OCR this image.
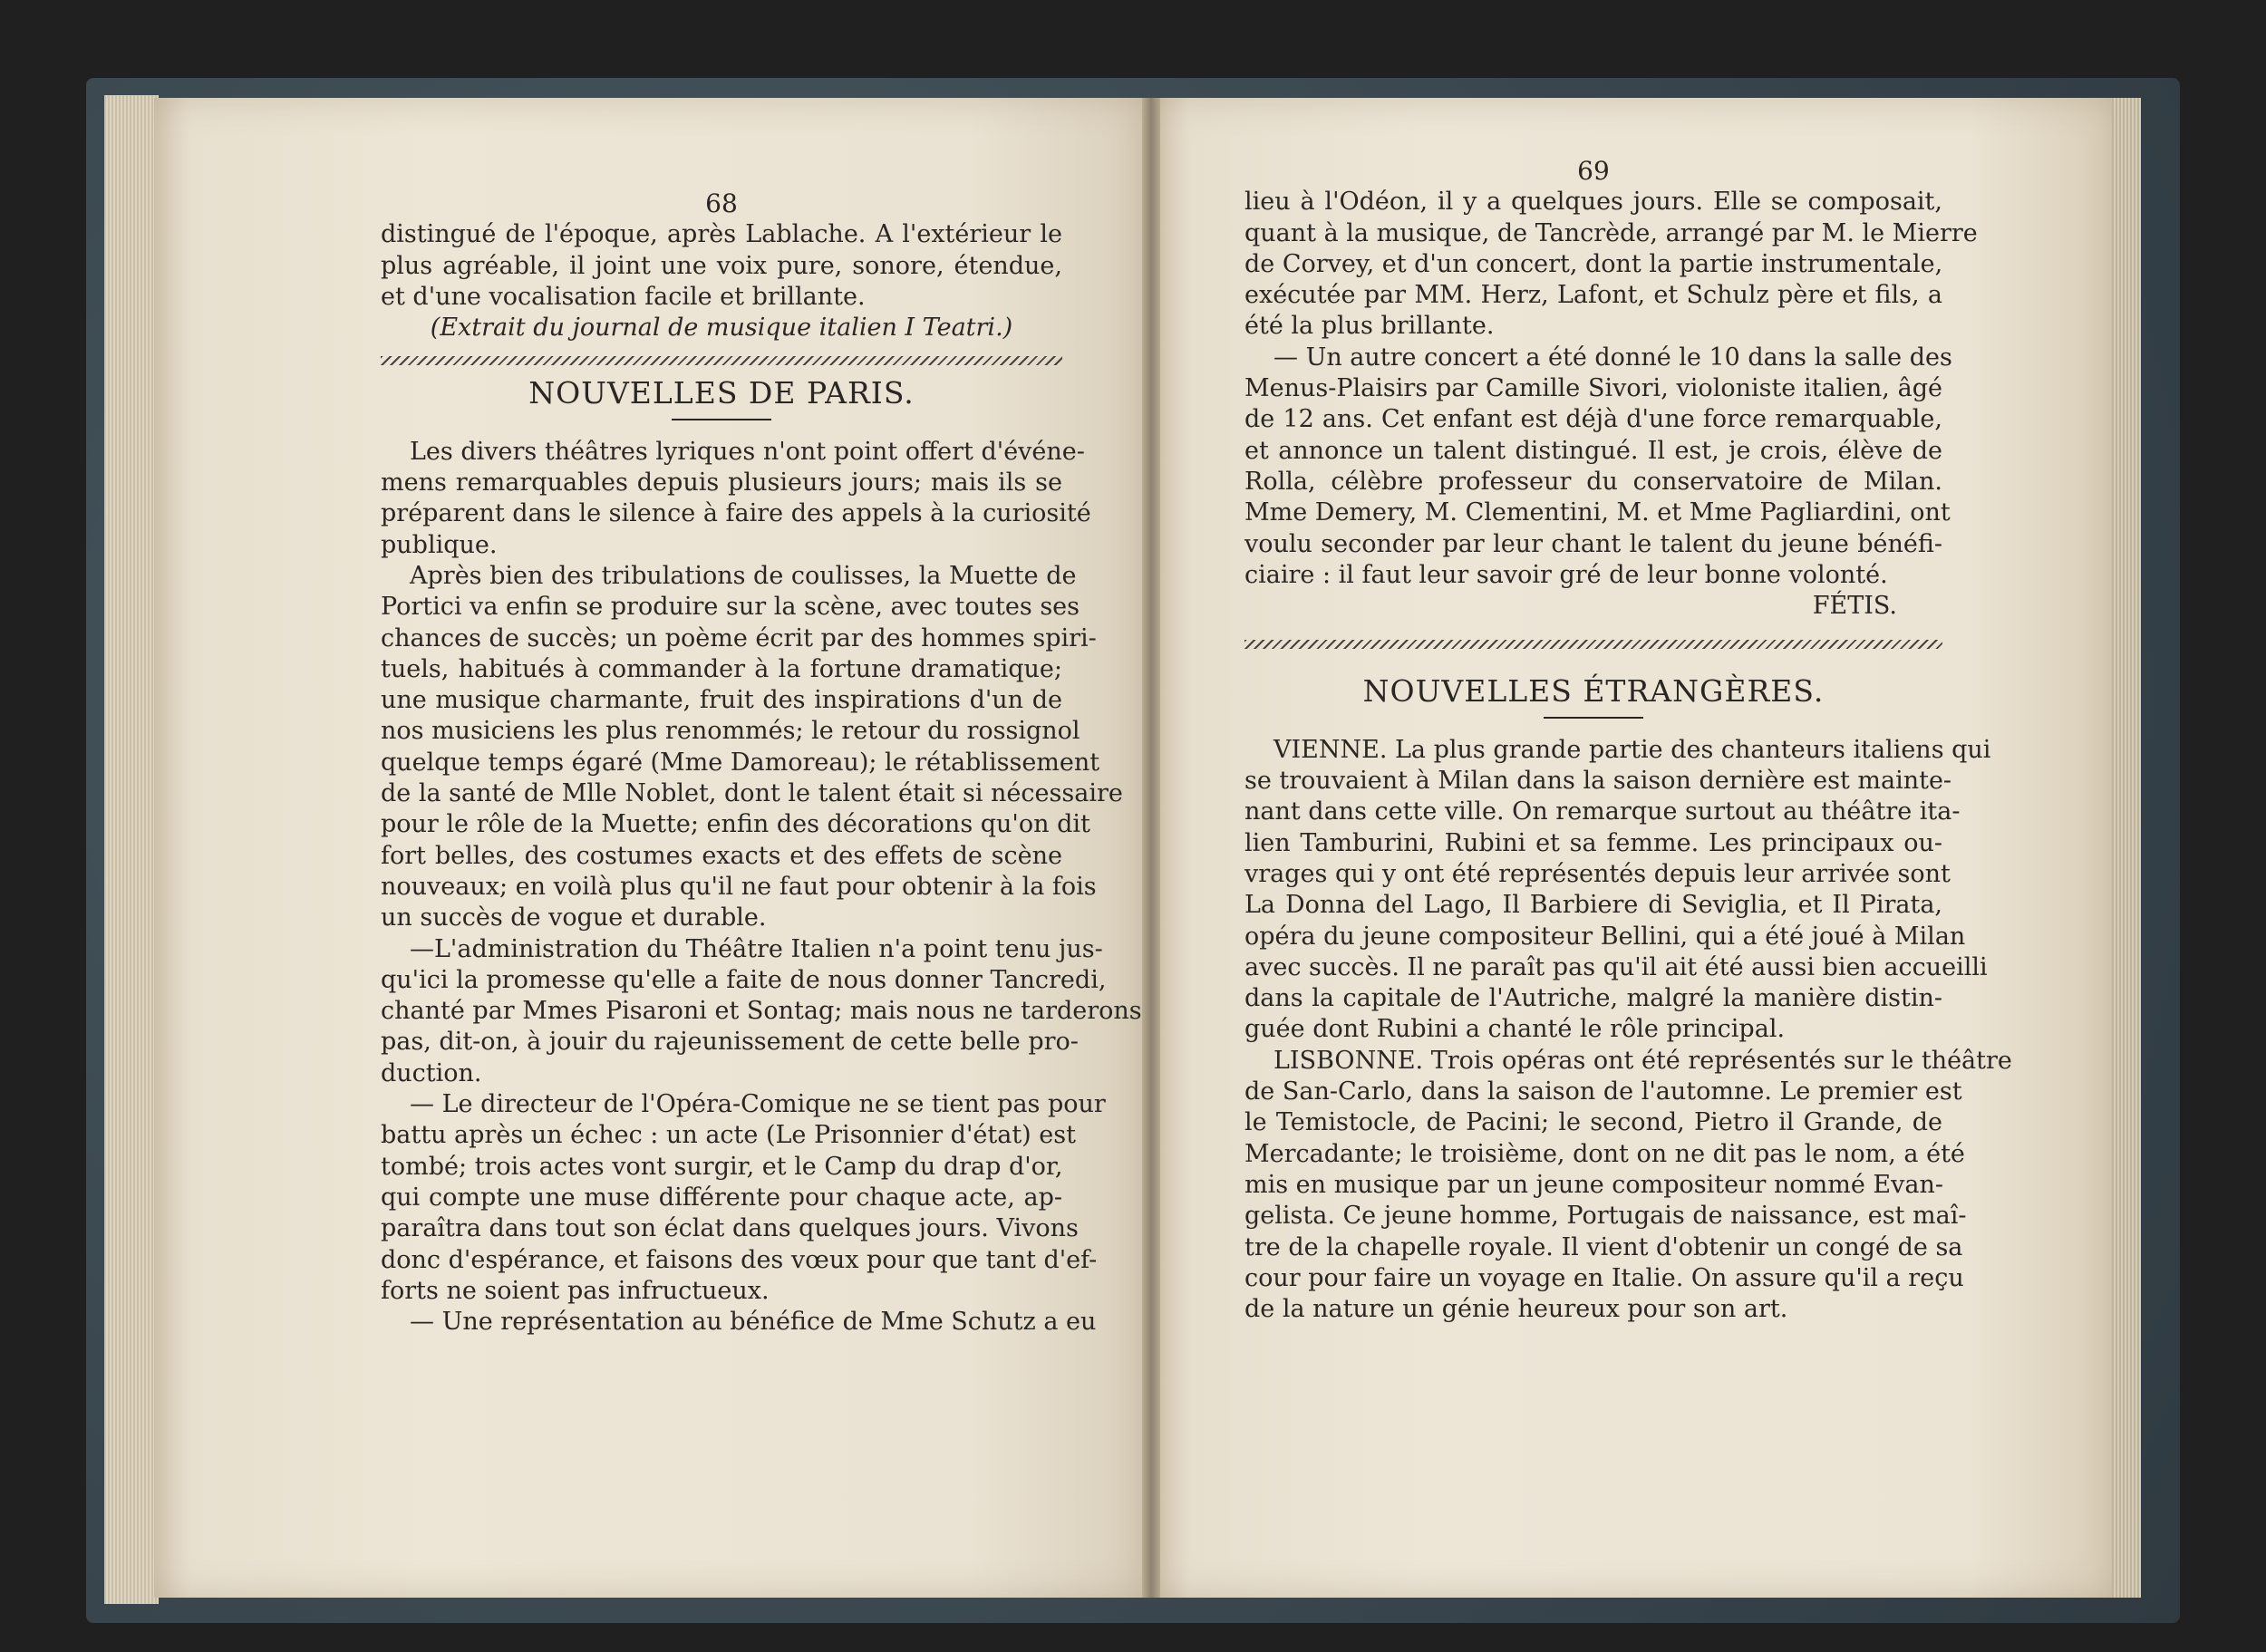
68
distingué de l'époque, après Lablache. A l'extérieur le
plus agréable, il joint une voix pure, sonore, étendue,
et d'une vocalisation facile et brillante.
(Extrait du journal de musique italien I Teatri.)
NOUVELLES DE PARIS.
Les divers théâtres lyriques n'ont point offert d'événe-
mens remarquables depuis plusieurs jours; mais ils se
préparent dans le silence à faire des appels à la curiosité
publique.
Après bien des tribulations de coulisses, la Muette de
Portici va enfin se produire sur la scène, avec toutes ses
chances de succès; un poème écrit par des hommes spiri-
tuels, habitués à commander à la fortune dramatique;
une musique charmante, fruit des inspirations d'un de
nos musiciens les plus renommés; le retour du rossignol
quelque temps égaré (Mme Damoreau); le rétablissement
de la santé de Mlle Noblet, dont le talent était si nécessaire
pour le rôle de la Muette; enfin des décorations qu'on dit
fort belles, des costumes exacts et des effets de scène
nouveaux; en voilà plus qu'il ne faut pour obtenir à la fois
un succès de vogue et durable.
—L'administration du Théâtre Italien n'a point tenu jus-
qu'ici la promesse qu'elle a faite de nous donner Tancredi,
chanté par Mmes Pisaroni et Sontag; mais nous ne tarderons
pas, dit-on, à jouir du rajeunissement de cette belle pro-
duction.
— Le directeur de l'Opéra-Comique ne se tient pas pour
battu après un échec : un acte (Le Prisonnier d'état) est
tombé; trois actes vont surgir, et le Camp du drap d'or,
qui compte une muse différente pour chaque acte, ap-
paraîtra dans tout son éclat dans quelques jours. Vivons
donc d'espérance, et faisons des vœux pour que tant d'ef-
forts ne soient pas infructueux.
— Une représentation au bénéfice de Mme Schutz a eu
69
lieu à l'Odéon, il y a quelques jours. Elle se composait,
quant à la musique, de Tancrède, arrangé par M. le Mierre
de Corvey, et d'un concert, dont la partie instrumentale,
exécutée par MM. Herz, Lafont, et Schulz père et fils, a
été la plus brillante.
— Un autre concert a été donné le 10 dans la salle des
Menus-Plaisirs par Camille Sivori, violoniste italien, âgé
de 12 ans. Cet enfant est déjà d'une force remarquable,
et annonce un talent distingué. Il est, je crois, élève de
Rolla, célèbre professeur du conservatoire de Milan.
Mme Demery, M. Clementini, M. et Mme Pagliardini, ont
voulu seconder par leur chant le talent du jeune bénéfi-
ciaire : il faut leur savoir gré de leur bonne volonté.
FÉTIS.
NOUVELLES ÉTRANGÈRES.
VIENNE. La plus grande partie des chanteurs italiens qui
se trouvaient à Milan dans la saison dernière est mainte-
nant dans cette ville. On remarque surtout au théâtre ita-
lien Tamburini, Rubini et sa femme. Les principaux ou-
vrages qui y ont été représentés depuis leur arrivée sont
La Donna del Lago, Il Barbiere di Seviglia, et Il Pirata,
opéra du jeune compositeur Bellini, qui a été joué à Milan
avec succès. Il ne paraît pas qu'il ait été aussi bien accueilli
dans la capitale de l'Autriche, malgré la manière distin-
guée dont Rubini a chanté le rôle principal.
LISBONNE. Trois opéras ont été représentés sur le théâtre
de San-Carlo, dans la saison de l'automne. Le premier est
le Temistocle, de Pacini; le second, Pietro il Grande, de
Mercadante; le troisième, dont on ne dit pas le nom, a été
mis en musique par un jeune compositeur nommé Evan-
gelista. Ce jeune homme, Portugais de naissance, est maî-
tre de la chapelle royale. Il vient d'obtenir un congé de sa
cour pour faire un voyage en Italie. On assure qu'il a reçu
de la nature un génie heureux pour son art.
